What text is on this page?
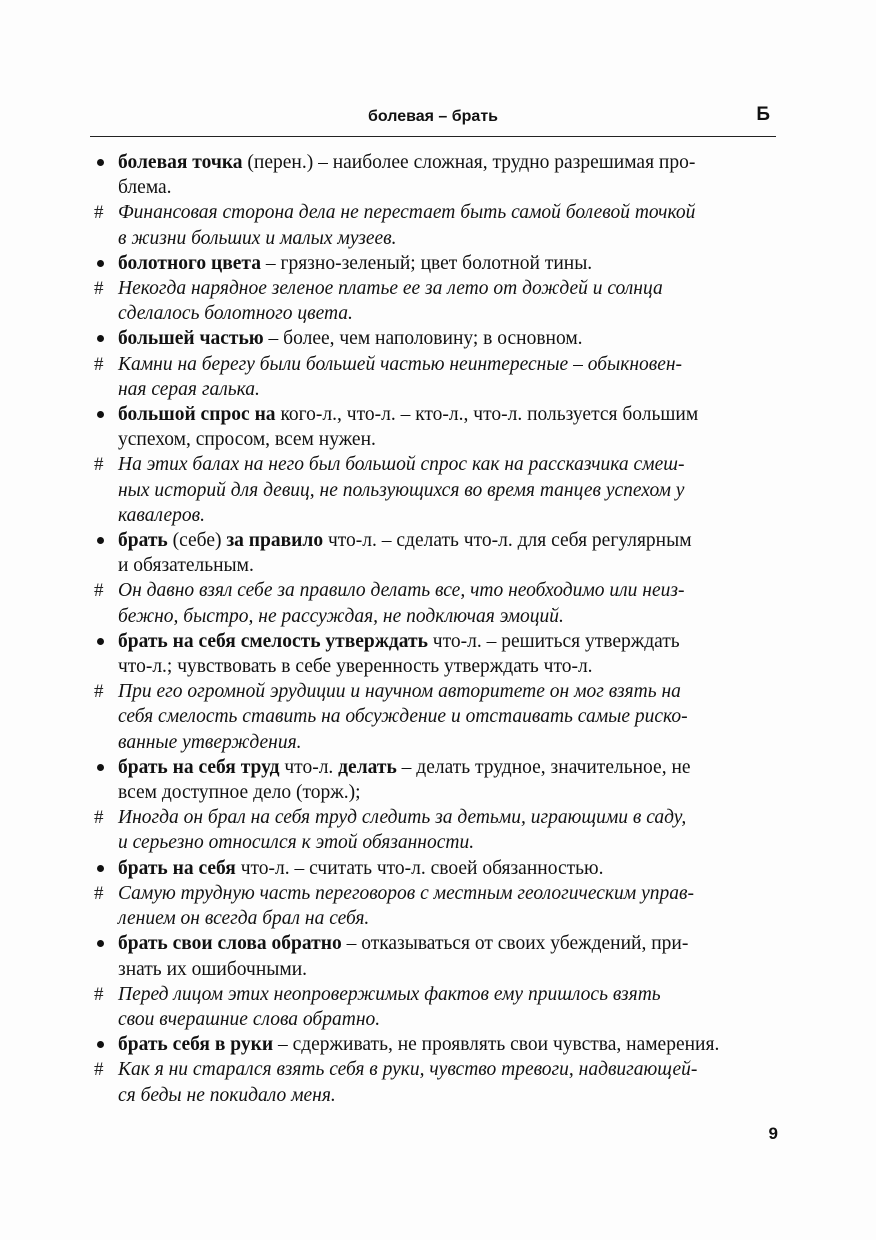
болевая – брать	Б
болевая точка (перен.) – наиболее сложная, трудно разрешимая про-
блема.
# Финансовая сторона дела не перестает быть самой болевой точкой
в жизни больших и малых музеев.
болотного цвета – грязно-зеленый; цвет болотной тины.
# Некогда нарядное зеленое платье ее за лето от дождей и солнца
сделалось болотного цвета.
большей частью – более, чем наполовину; в основном.
# Камни на берегу были большей частью неинтересные – обыкновен-
ная серая галька.
большой спрос на кого-л., что-л. – кто-л., что-л. пользуется большим
успехом, спросом, всем нужен.
# На этих балах на него был большой спрос как на рассказчика смеш-
ных историй для девиц, не пользующихся во время танцев успехом у
кавалеров.
брать (себе) за правило что-л. – сделать что-л. для себя регулярным
и обязательным.
# Он давно взял себе за правило делать все, что необходимо или неиз-
бежно, быстро, не рассуждая, не подключая эмоций.
брать на себя смелость утверждать что-л. – решиться утверждать
что-л.; чувствовать в себе уверенность утверждать что-л.
# При его огромной эрудиции и научном авторитете он мог взять на
себя смелость ставить на обсуждение и отстаивать самые риско-
ванные утверждения.
брать на себя труд что-л. делать – делать трудное, значительное, не
всем доступное дело (торж.);
# Иногда он брал на себя труд следить за детьми, играющими в саду,
и серьезно относился к этой обязанности.
брать на себя что-л. – считать что-л. своей обязанностью.
# Самую трудную часть переговоров с местным геологическим управ-
лением он всегда брал на себя.
брать свои слова обратно – отказываться от своих убеждений, при-
знать их ошибочными.
# Перед лицом этих неопровержимых фактов ему пришлось взять
свои вчерашние слова обратно.
брать себя в руки – сдерживать, не проявлять свои чувства, намерения.
# Как я ни старался взять себя в руки, чувство тревоги, надвигающей-
ся беды не покидало меня.
9
